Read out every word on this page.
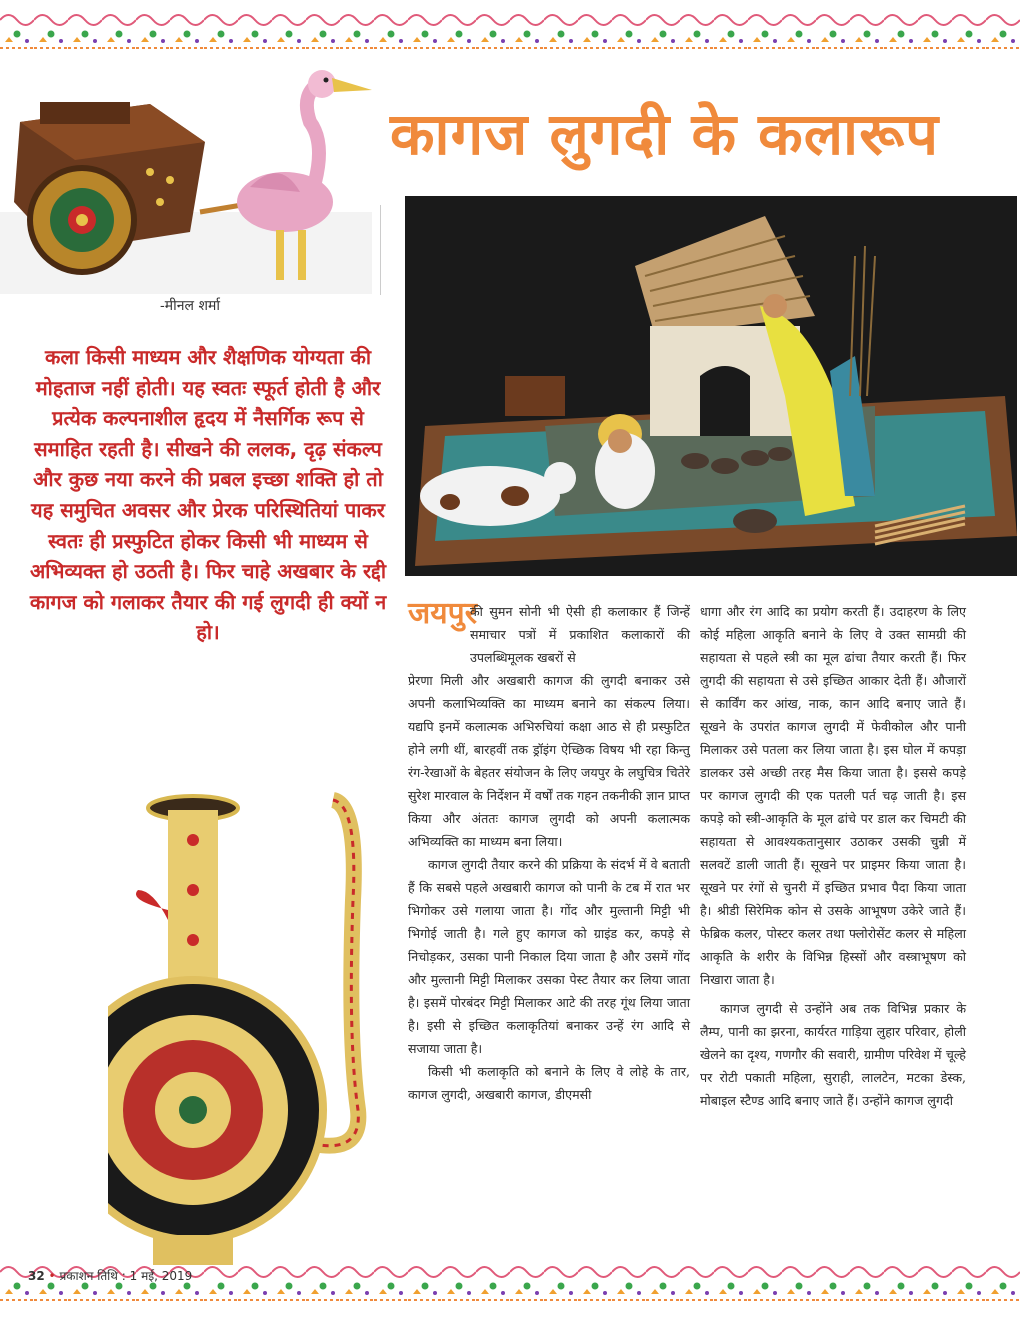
कागज लुगदी के कलारूप
-मीनल शर्मा

कला किसी माध्यम और शैक्षणिक योग्यता की मोहताज नहीं होती। यह स्वतः स्फूर्त होती है और प्रत्येक कल्पनाशील हृदय में नैसर्गिक रूप से समाहित रहती है। सीखने की ललक, दृढ़ संकल्प और कुछ नया करने की प्रबल इच्छा शक्ति हो तो यह समुचित अवसर और प्रेरक परिस्थितियां पाकर स्वतः ही प्रस्फुटित होकर किसी भी माध्यम से अभिव्यक्त हो उठती है। फिर चाहे अखबार के रद्दी कागज को गलाकर तैयार की गई लुगदी ही क्यों न हो।

जयपुर
की सुमन सोनी भी ऐसी ही कलाकार हैं जिन्हें समाचार पत्रों में प्रकाशित कलाकारों की उपलब्धिमूलक खबरों से

प्रेरणा मिली और अखबारी कागज की लुगदी बनाकर उसे अपनी कलाभिव्यक्ति का माध्यम बनाने का संकल्प लिया। यद्यपि इनमें कलात्मक अभिरुचियां कक्षा आठ से ही प्रस्फुटित होने लगी थीं, बारहवीं तक ड्रॉइंग ऐच्छिक विषय भी रहा किन्तु रंग-रेखाओं के बेहतर संयोजन के लिए जयपुर के लघुचित्र चितेरे सुरेश मारवाल के निर्देशन में वर्षों तक गहन तकनीकी ज्ञान प्राप्त किया और अंततः कागज लुगदी को अपनी कलात्मक अभिव्यक्ति का माध्यम बना लिया।

कागज लुगदी तैयार करने की प्रक्रिया के संदर्भ में वे बताती हैं कि सबसे पहले अखबारी कागज को पानी के टब में रात भर भिगोकर उसे गलाया जाता है। गोंद और मुल्तानी मिट्टी भी भिगोई जाती है। गले हुए कागज को ग्राइंड कर, कपड़े से निचोड़कर, उसका पानी निकाल दिया जाता है और उसमें गोंद और मुल्तानी मिट्टी मिलाकर उसका पेस्ट तैयार कर लिया जाता है। इसमें पोरबंदर मिट्टी मिलाकर आटे की तरह गूंथ लिया जाता है। इसी से इच्छित कलाकृतियां बनाकर उन्हें रंग आदि से सजाया जाता है।

किसी भी कलाकृति को बनाने के लिए वे लोहे के तार, कागज लुगदी, अखबारी कागज, डीएमसी

धागा और रंग आदि का प्रयोग करती हैं। उदाहरण के लिए कोई महिला आकृति बनाने के लिए वे उक्त सामग्री की सहायता से पहले स्त्री का मूल ढांचा तैयार करती हैं। फिर लुगदी की सहायता से उसे इच्छित आकार देती हैं। औजारों से कार्विंग कर आंख, नाक, कान आदि बनाए जाते हैं। सूखने के उपरांत कागज लुगदी में फेवीकोल और पानी मिलाकर उसे पतला कर लिया जाता है। इस घोल में कपड़ा डालकर उसे अच्छी तरह मैस किया जाता है। इससे कपड़े पर कागज लुगदी की एक पतली पर्त चढ़ जाती है। इस कपड़े को स्त्री-आकृति के मूल ढांचे पर डाल कर चिमटी की सहायता से आवश्यकतानुसार उठाकर उसकी चुन्नी में सलवटें डाली जाती हैं। सूखने पर प्राइमर किया जाता है। सूखने पर रंगों से चुनरी में इच्छित प्रभाव पैदा किया जाता है। श्रीडी सिरेमिक कोन से उसके आभूषण उकेरे जाते हैं। फेब्रिक कलर, पोस्टर कलर तथा फ्लोरोसेंट कलर से महिला आकृति के शरीर के विभिन्न हिस्सों और वस्त्राभूषण को निखारा जाता है।

कागज लुगदी से उन्होंने अब तक विभिन्न प्रकार के लैम्प, पानी का झरना, कार्यरत गाड़िया लुहार परिवार, होली खेलने का दृश्य, गणगौर की सवारी, ग्रामीण परिवेश में चूल्हे पर रोटी पकाती महिला, सुराही, लालटेन, मटका डेस्क, मोबाइल स्टैण्ड आदि बनाए जाते हैं। उन्होंने कागज लुगदी

32 • प्रकाशन तिथि : 1 मई, 2019
